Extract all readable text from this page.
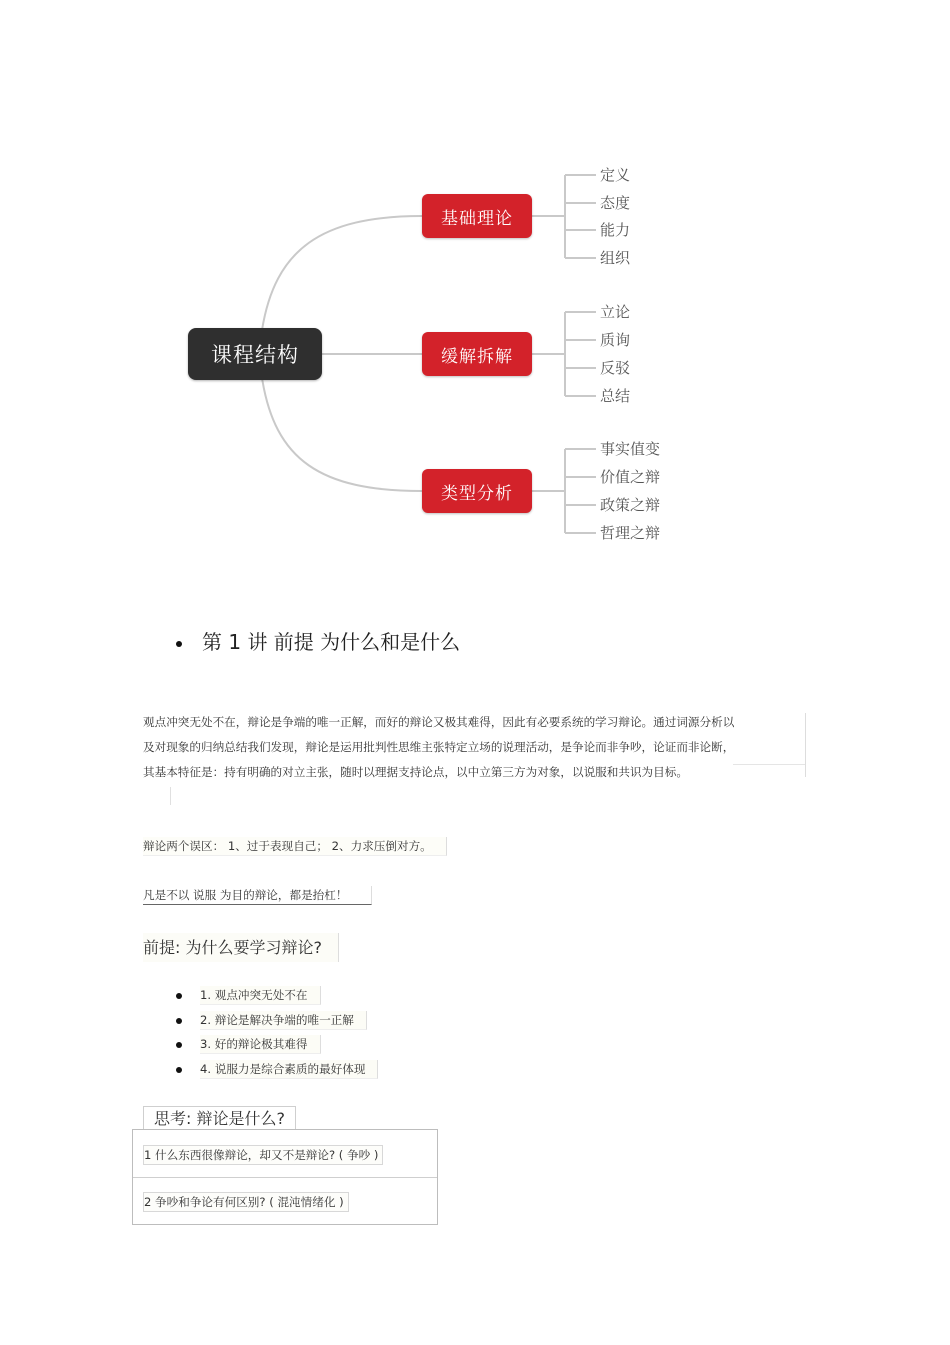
课程结构
基础理论
缓解拆解
类型分析
定义
态度
能力
组织
立论
质询
反驳
总结
事实值变
价值之辩
政策之辩
哲理之辩
第 1 讲 前提 为什么和是什么

观点冲突无处不在，辩论是争端的唯一正解，而好的辩论又极其难得，因此有必要系统的学习辩论。通过词源分析以及对现象的归纳总结我们发现，辩论是运用批判性思维主张特定立场的说理活动，是争论而非争吵，论证而非论断，其基本特征是：持有明确的对立主张，随时以理据支持论点，以中立第三方为对象，以说服和共识为目标。

辩论两个误区： 1、过于表现自己； 2、力求压倒对方。
凡是不以 说服 为目的辩论，都是抬杠！
前提: 为什么要学习辩论?
1. 观点冲突无处不在
2. 辩论是解决争端的唯一正解
3. 好的辩论极其难得
4. 说服力是综合素质的最好体现
思考: 辩论是什么?
1 什么东西很像辩论，却又不是辩论? ( 争吵 )
2 争吵和争论有何区别? ( 混沌情绪化 )
